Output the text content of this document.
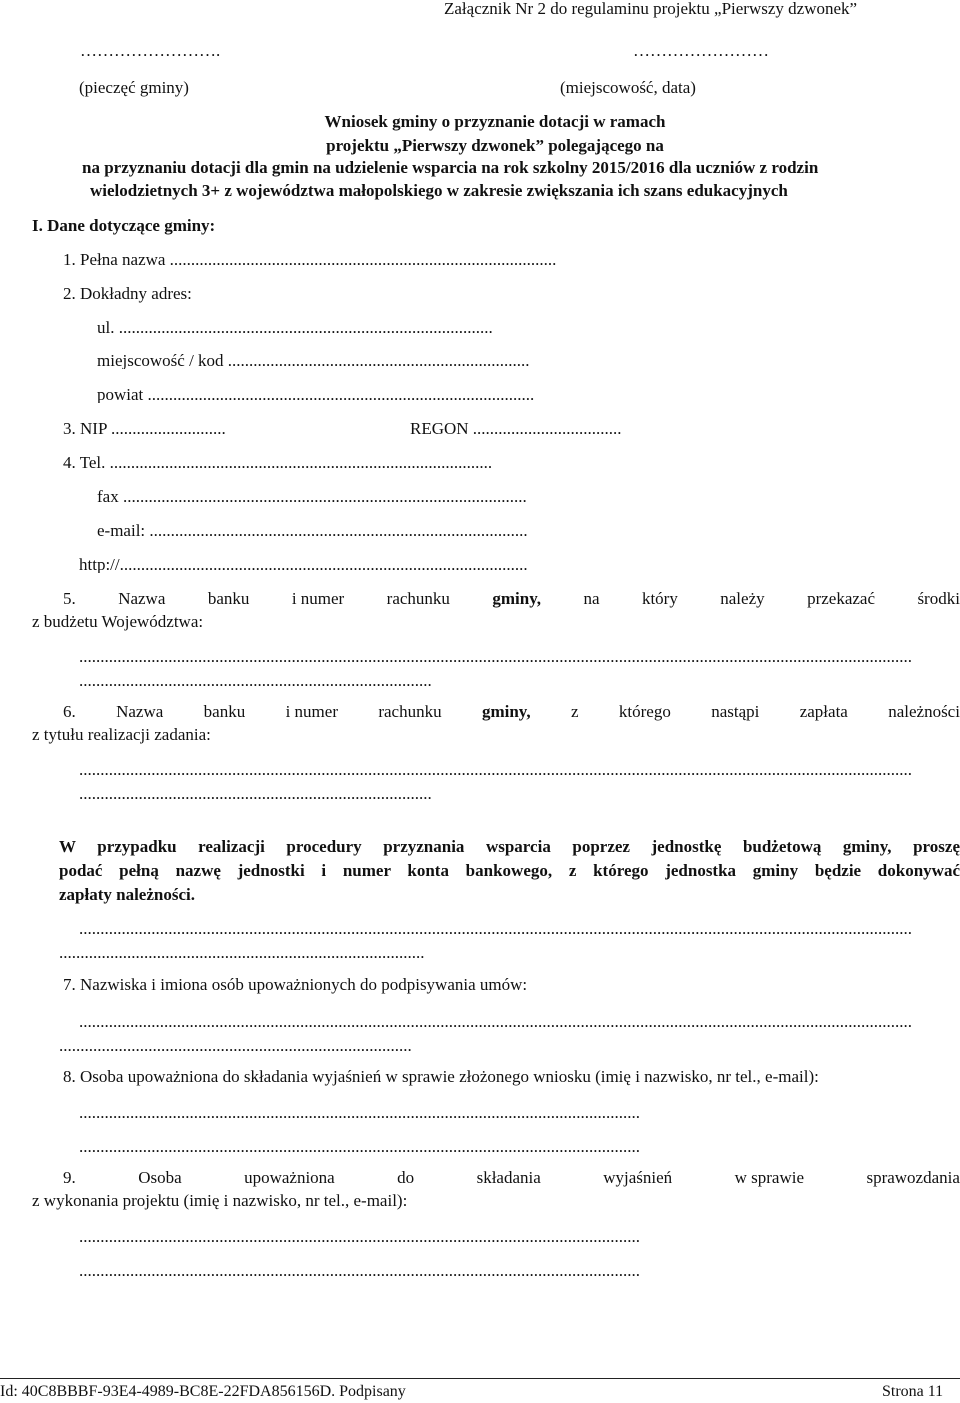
Załącznik Nr 2 do regulaminu projektu „Pierwszy dzwonek”
…………………….	……………………
(pieczęć gminy)	(miejscowość, data)
Wniosek gminy o przyznanie dotacji w ramach
projektu „Pierwszy dzwonek” polegającego na
na przyznaniu dotacji dla gmin na udzielenie wsparcia na rok szkolny 2015/2016 dla uczniów z rodzin
wielodzietnych 3+ z województwa małopolskiego w zakresie zwiększania ich szans edukacyjnych
I. Dane dotyczące gminy:
1. Pełna nazwa ...........................................................................................
2. Dokładny adres:
ul. ........................................................................................
miejscowość / kod .......................................................................
powiat ...........................................................................................
3. NIP ...........................	REGON ...................................
4. Tel. ..........................................................................................
fax ...............................................................................................
e-mail: .........................................................................................
http://................................................................................................
5. Nazwa banku i numer rachunku gminy, na który należy przekazać środki
z budżetu Województwa:
....................................................................................................................................................................................................
...................................................................................
6. Nazwa banku i numer rachunku gminy, z którego nastąpi zapłata należności
z tytułu realizacji zadania:
....................................................................................................................................................................................................
...................................................................................
W przypadku realizacji procedury przyznania wsparcia poprzez jednostkę budżetową gminy, proszę
podać pełną nazwę jednostki i numer konta bankowego, z którego jednostka gminy będzie dokonywać
zapłaty należności.
....................................................................................................................................................................................................
......................................................................................
7. Nazwiska i imiona osób upoważnionych do podpisywania umów:
....................................................................................................................................................................................................
...................................................................................
8. Osoba upoważniona do składania wyjaśnień w sprawie złożonego wniosku (imię i nazwisko, nr tel., e-mail):
....................................................................................................................................
....................................................................................................................................
9.	Osoba	upoważniona	do	składania	wyjaśnień	w sprawie	sprawozdania
z wykonania projektu (imię i nazwisko, nr tel., e-mail):
....................................................................................................................................
....................................................................................................................................
Id: 40C8BBBF-93E4-4989-BC8E-22FDA856156D. Podpisany	Strona 11
